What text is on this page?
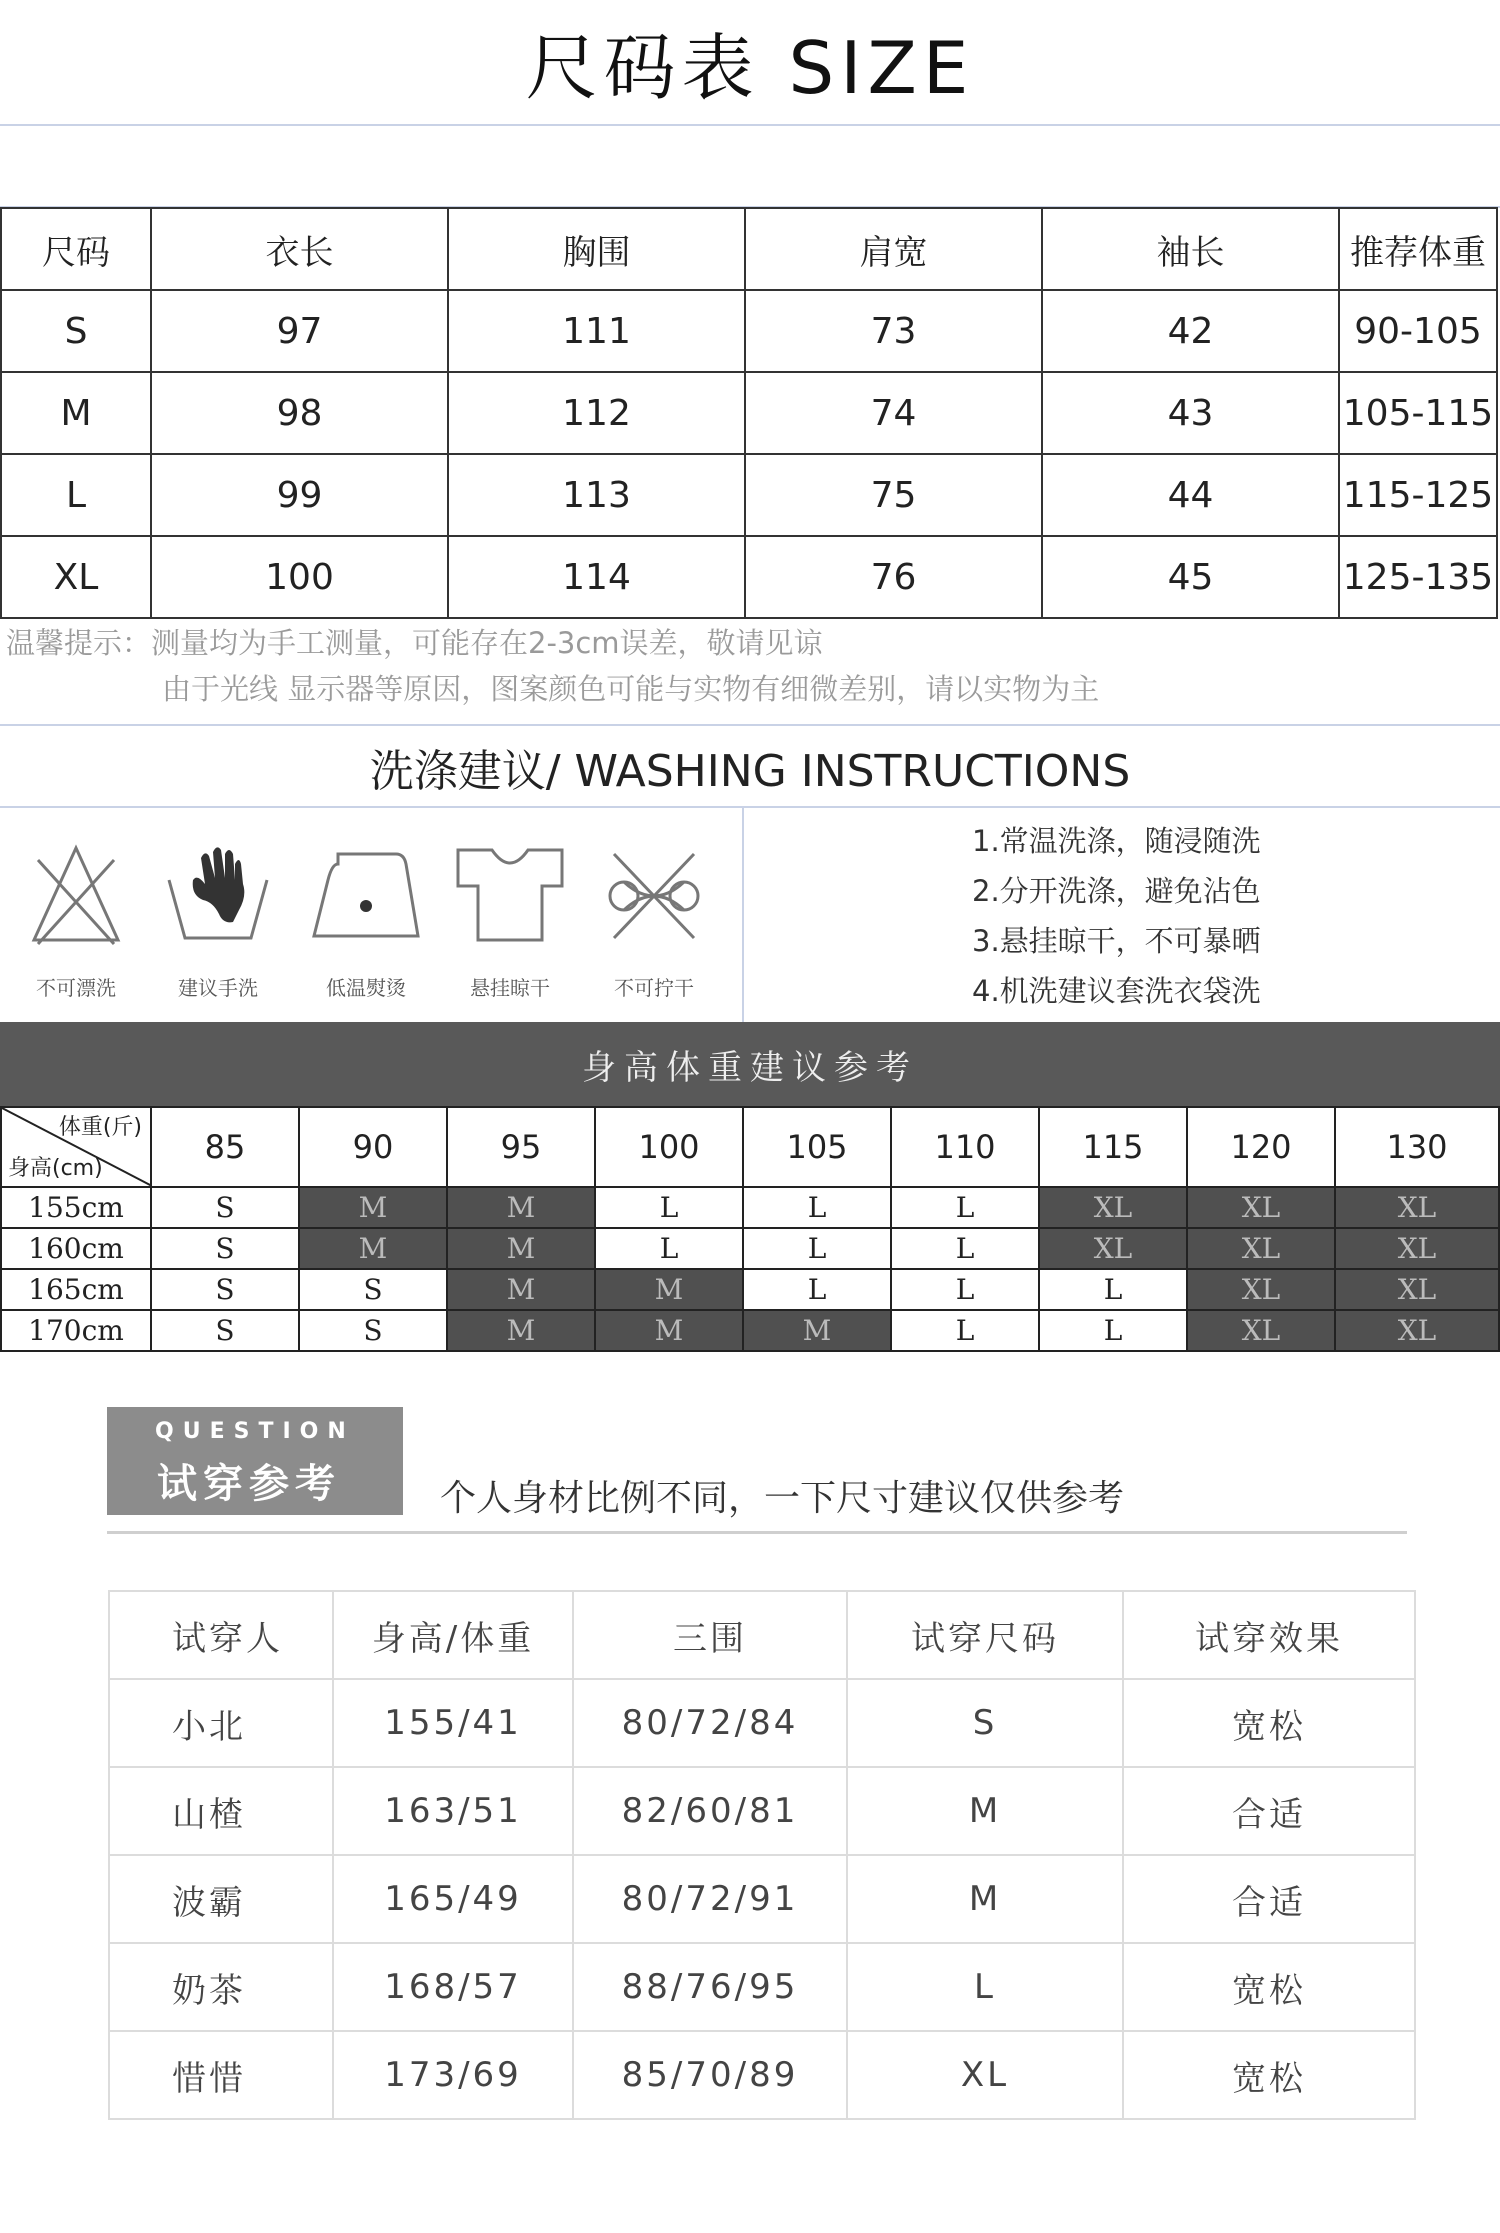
尺码表 SIZE
尺码	衣长	胸围	肩宽	袖长	推荐体重
S	97	111	73	42	90-105
M	98	112	74	43	105-115
L	99	113	75	44	115-125
XL	100	114	76	45	125-135
温馨提示：测量均为手工测量，可能存在2-3cm误差，敬请见谅
由于光线 显示器等原因，图案颜色可能与实物有细微差别，请以实物为主
洗涤建议/ WASHING INSTRUCTIONS
不可漂洗	建议手洗	低温熨烫	悬挂晾干	不可拧干
1.常温洗涤，随浸随洗
2.分开洗涤，避免沾色
3.悬挂晾干，不可暴晒
4.机洗建议套洗衣袋洗
身高体重建议参考
体重(斤)
身高(cm)	85	90	95	100	105	110	115	120	130
155cm	S	M	M	L	L	L	XL	XL	XL
160cm	S	M	M	L	L	L	XL	XL	XL
165cm	S	S	M	M	L	L	L	XL	XL
170cm	S	S	M	M	M	L	L	XL	XL
QUESTION
试穿参考	个人身材比例不同，一下尺寸建议仅供参考
试穿人	身高/体重	三围	试穿尺码	试穿效果
小北	155/41	80/72/84	S	宽松
山楂	163/51	82/60/81	M	合适
波霸	165/49	80/72/91	M	合适
奶茶	168/57	88/76/95	L	宽松
惜惜	173/69	85/70/89	XL	宽松
